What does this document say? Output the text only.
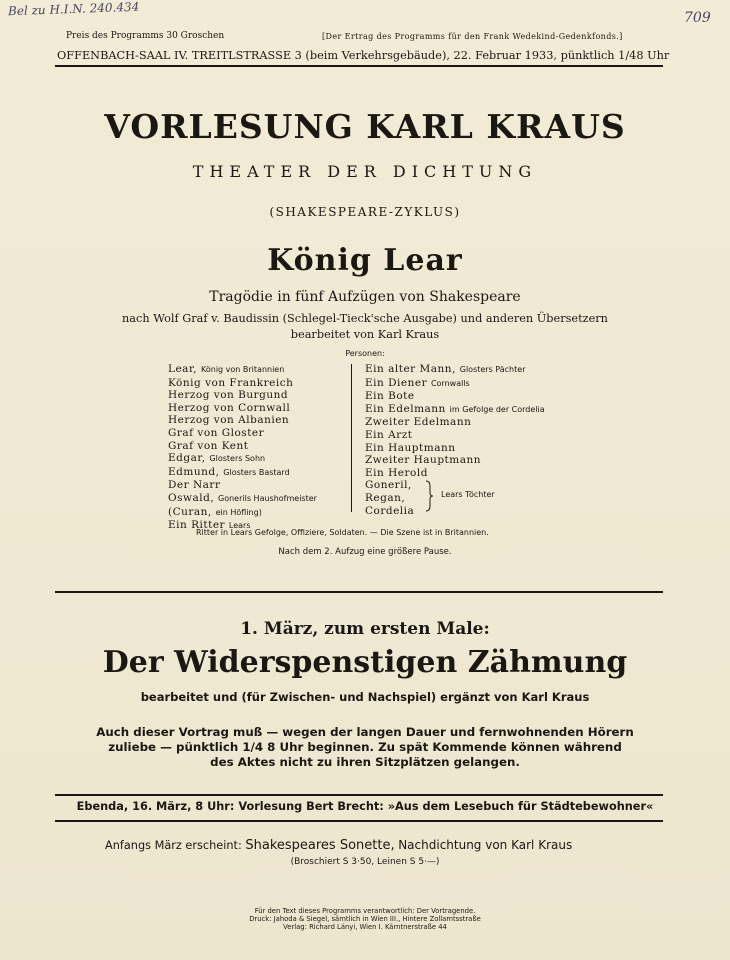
Bel zu H.I.N. 240.434	709
Preis des Programms 30 Groschen	[Der Ertrag des Programms für den Frank Wedekind-Gedenkfonds.]
OFFENBACH-SAAL IV. TREITLSTRASSE 3 (beim Verkehrsgebäude), 22. Februar 1933, pünktlich 1/48 Uhr
VORLESUNG KARL KRAUS
THEATER DER DICHTUNG
(SHAKESPEARE-ZYKLUS)
König Lear
Tragödie in fünf Aufzügen von Shakespeare
nach Wolf Graf v. Baudissin (Schlegel-Tieck'sche Ausgabe) und anderen Übersetzern
bearbeitet von Karl Kraus
Personen:
Lear, König von Britannien
König von Frankreich
Herzog von Burgund
Herzog von Cornwall
Herzog von Albanien
Graf von Gloster
Graf von Kent
Edgar, Glosters Sohn
Edmund, Glosters Bastard
Der Narr
Oswald, Gonerils Haushofmeister
(Curan, ein Höfling)
Ein Ritter Lears
Ein alter Mann, Glosters Pächter
Ein Diener Cornwalls
Ein Bote
Ein Edelmann im Gefolge der Cordelia
Zweiter Edelmann
Ein Arzt
Ein Hauptmann
Zweiter Hauptmann
Ein Herold
Goneril,
Regan,
Cordelia
Lears Töchter
Ritter in Lears Gefolge, Offiziere, Soldaten. — Die Szene ist in Britannien.
Nach dem 2. Aufzug eine größere Pause.
1. März, zum ersten Male:
Der Widerspenstigen Zähmung
bearbeitet und (für Zwischen- und Nachspiel) ergänzt von Karl Kraus
Auch dieser Vortrag muß — wegen der langen Dauer und fernwohnenden Hörern
zuliebe — pünktlich 1/4 8 Uhr beginnen. Zu spät Kommende können während
des Aktes nicht zu ihren Sitzplätzen gelangen.
Ebenda, 16. März, 8 Uhr: Vorlesung Bert Brecht: »Aus dem Lesebuch für Städtebewohner«
Anfangs März erscheint: Shakespeares Sonette, Nachdichtung von Karl Kraus
(Broschiert S 3·50, Leinen S 5·—)
Für den Text dieses Programms verantwortlich: Der Vortragende.
Druck: Jahoda & Siegel, sämtlich in Wien III., Hintere Zollamtsstraße
Verlag: Richard Lányi, Wien I. Kärntnerstraße 44
